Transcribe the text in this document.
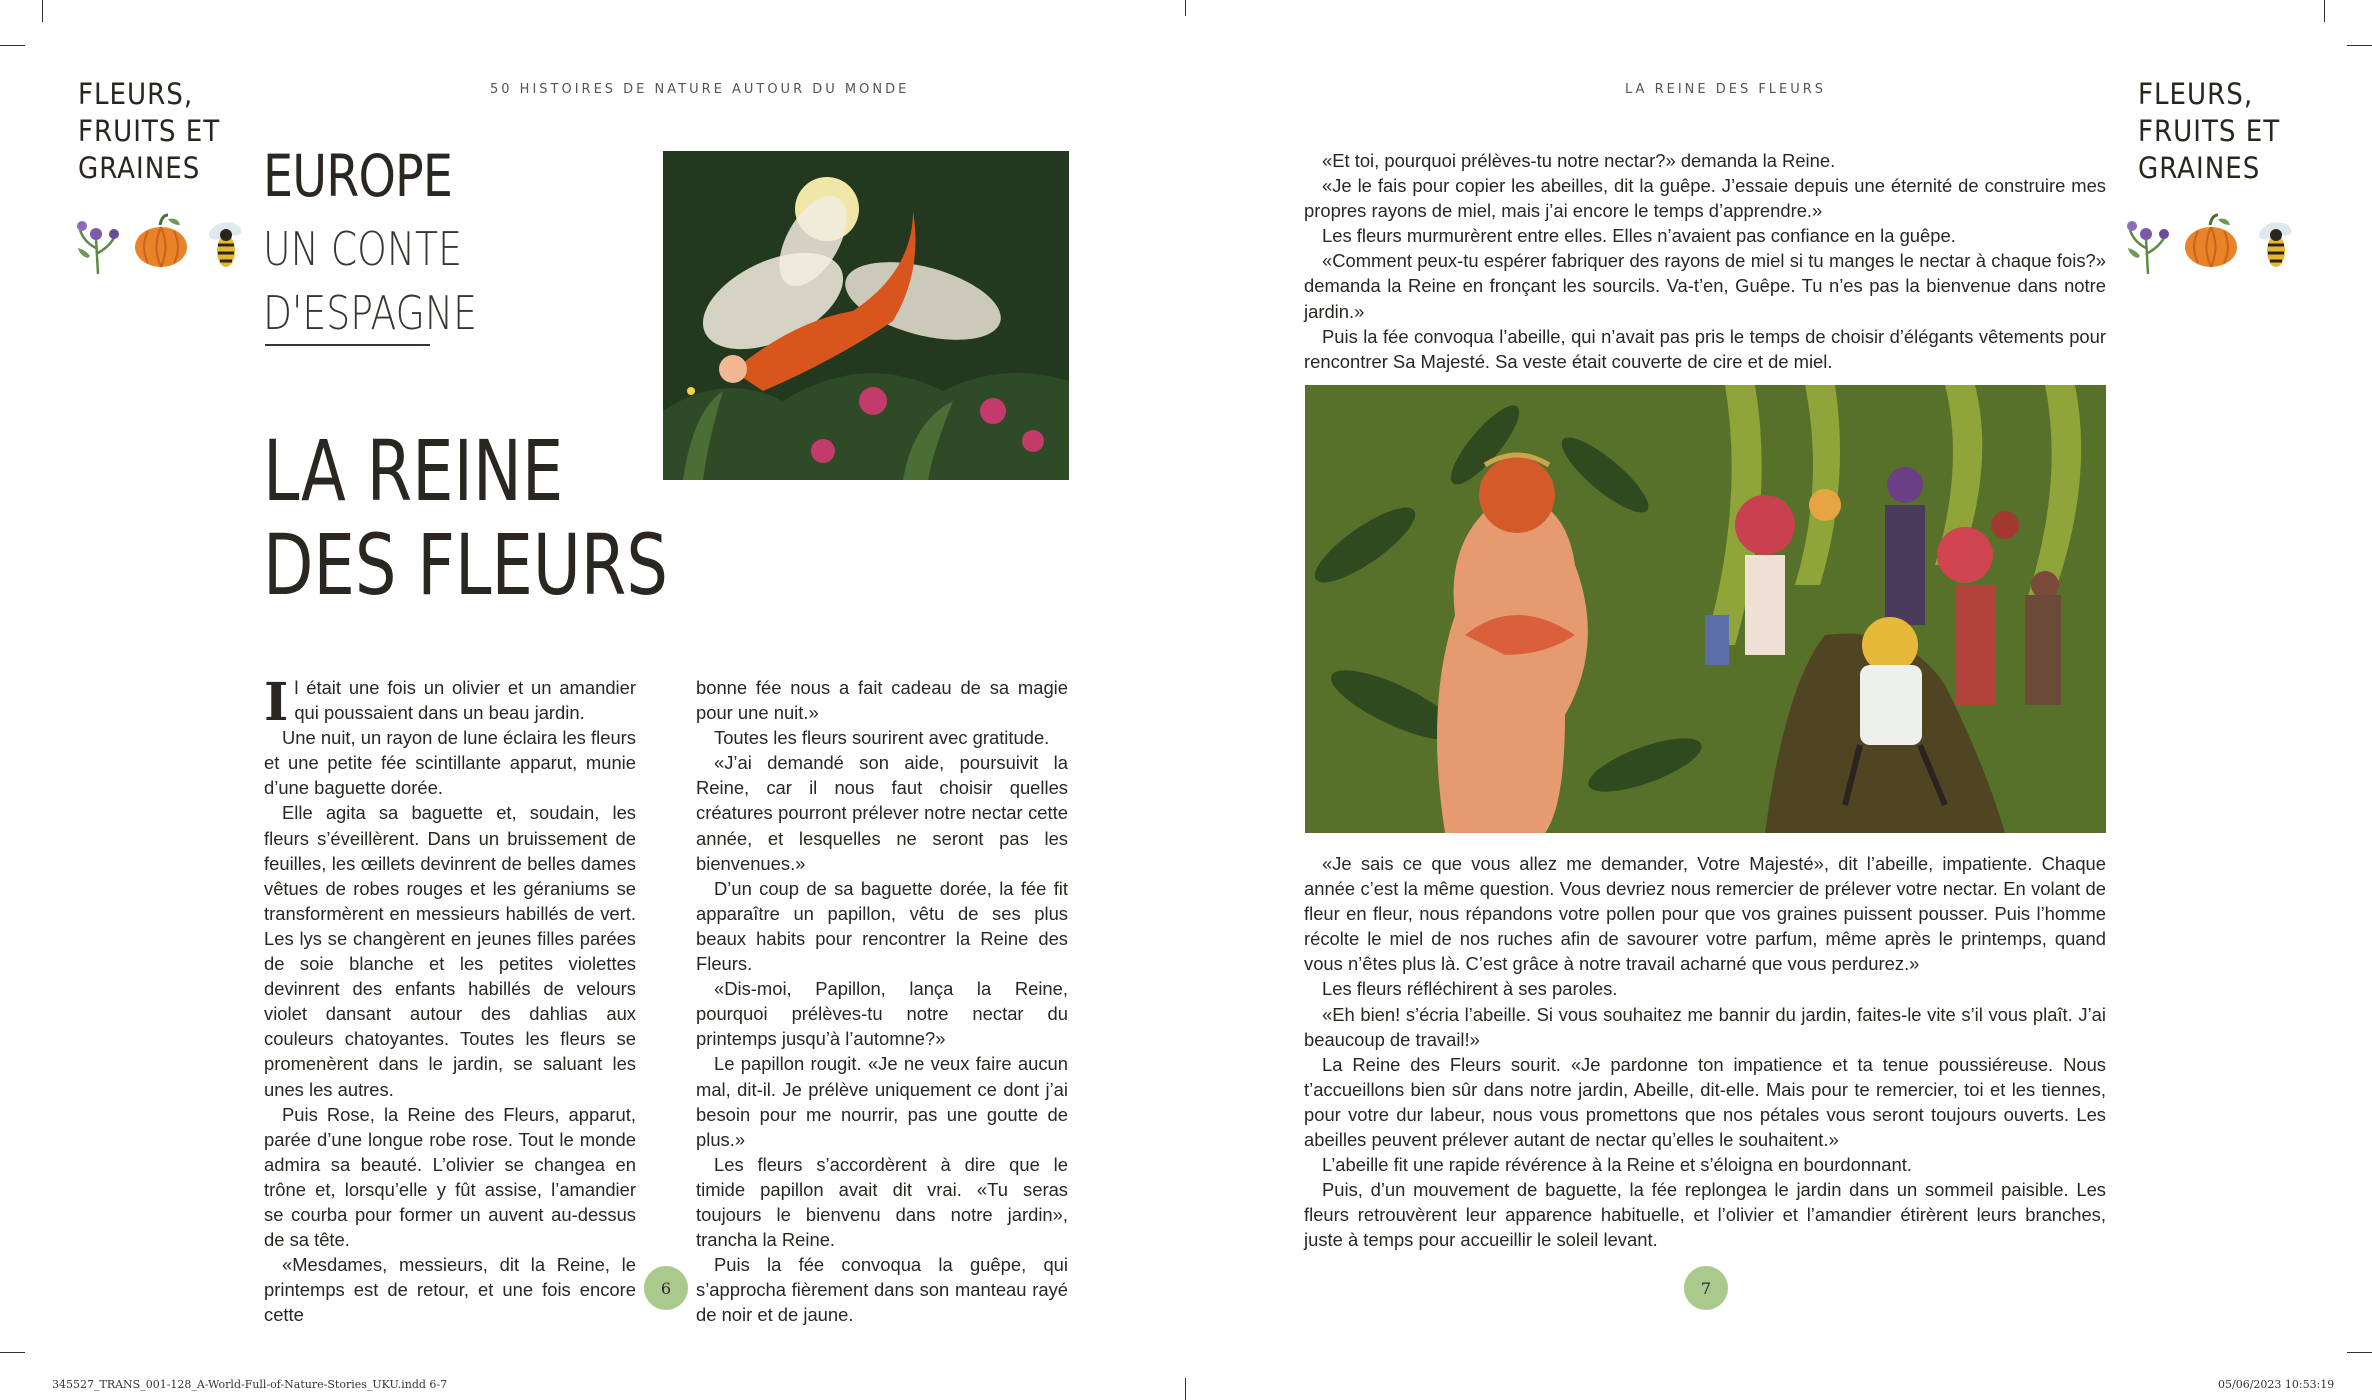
FLEURS,
FRUITS ET
GRAINES
50 HISTOIRES DE NATURE AUTOUR DU MONDE
EUROPE
UN CONTE
D'ESPAGNE
LA REINE
DES FLEURS

Il était une fois un olivier et un amandier qui poussaient dans un beau jardin.

Une nuit, un rayon de lune éclaira les fleurs et une petite fée scintillante apparut, munie d’une baguette dorée.

Elle agita sa baguette et, soudain, les fleurs s’éveillèrent. Dans un bruissement de feuilles, les œillets devinrent de belles dames vêtues de robes rouges et les géraniums se transformèrent en messieurs habillés de vert. Les lys se changèrent en jeunes filles parées de soie blanche et les petites violettes devinrent des enfants habillés de velours violet dansant autour des dahlias aux couleurs chatoyantes. Toutes les fleurs se promenèrent dans le jardin, se saluant les unes les autres.

Puis Rose, la Reine des Fleurs, apparut, parée d’une longue robe rose. Tout le monde admira sa beauté. L’olivier se changea en trône et, lorsqu’elle y fût assise, l’amandier se courba pour former un auvent au-dessus de sa tête.

«Mesdames, messieurs, dit la Reine, le printemps est de retour, et une fois encore cette

bonne fée nous a fait cadeau de sa magie pour une nuit.»

Toutes les fleurs sourirent avec gratitude.

«J’ai demandé son aide, poursuivit la Reine, car il nous faut choisir quelles créatures pourront prélever notre nectar cette année, et lesquelles ne seront pas les bienvenues.»

D’un coup de sa baguette dorée, la fée fit apparaître un papillon, vêtu de ses plus beaux habits pour rencontrer la Reine des Fleurs.

«Dis-moi, Papillon, lança la Reine, pourquoi prélèves-tu notre nectar du printemps jusqu’à l’automne?»

Le papillon rougit. «Je ne veux faire aucun mal, dit-il. Je prélève uniquement ce dont j’ai besoin pour me nourrir, pas une goutte de plus.»

Les fleurs s’accordèrent à dire que le timide papillon avait dit vrai. «Tu seras toujours le bienvenu dans notre jardin», trancha la Reine.

Puis la fée convoqua la guêpe, qui s’approcha fièrement dans son manteau rayé de noir et de jaune.

6
LA REINE DES FLEURS	FLEURS,
FRUITS ET
GRAINES

«Et toi, pourquoi prélèves-tu notre nectar?» demanda la Reine.

«Je le fais pour copier les abeilles, dit la guêpe. J’essaie depuis une éternité de construire mes propres rayons de miel, mais j’ai encore le temps d’apprendre.»

Les fleurs murmurèrent entre elles. Elles n’avaient pas confiance en la guêpe.

«Comment peux-tu espérer fabriquer des rayons de miel si tu manges le nectar à chaque fois?» demanda la Reine en fronçant les sourcils. Va-t’en, Guêpe. Tu n’es pas la bienvenue dans notre jardin.»

Puis la fée convoqua l’abeille, qui n’avait pas pris le temps de choisir d’élégants vêtements pour rencontrer Sa Majesté. Sa veste était couverte de cire et de miel.

«Je sais ce que vous allez me demander, Votre Majesté», dit l’abeille, impatiente. Chaque année c’est la même question. Vous devriez nous remercier de prélever votre nectar. En volant de fleur en fleur, nous répandons votre pollen pour que vos graines puissent pousser. Puis l’homme récolte le miel de nos ruches afin de savourer votre parfum, même après le printemps, quand vous n’êtes plus là. C’est grâce à notre travail acharné que vous perdurez.»

Les fleurs réfléchirent à ses paroles.

«Eh bien! s’écria l’abeille. Si vous souhaitez me bannir du jardin, faites-le vite s’il vous plaît. J’ai beaucoup de travail!»

La Reine des Fleurs sourit. «Je pardonne ton impatience et ta tenue poussiéreuse. Nous t’accueillons bien sûr dans notre jardin, Abeille, dit-elle. Mais pour te remercier, toi et les tiennes, pour votre dur labeur, nous vous promettons que nos pétales vous seront toujours ouverts. Les abeilles peuvent prélever autant de nectar qu’elles le souhaitent.»

L’abeille fit une rapide révérence à la Reine et s’éloigna en bourdonnant.

Puis, d’un mouvement de baguette, la fée replongea le jardin dans un sommeil paisible. Les fleurs retrouvèrent leur apparence habituelle, et l’olivier et l’amandier étirèrent leurs branches, juste à temps pour accueillir le soleil levant.

7
345527_TRANS_001-128_A-World-Full-of-Nature-Stories_UKU.indd 6-7	05/06/2023 10:53:19
